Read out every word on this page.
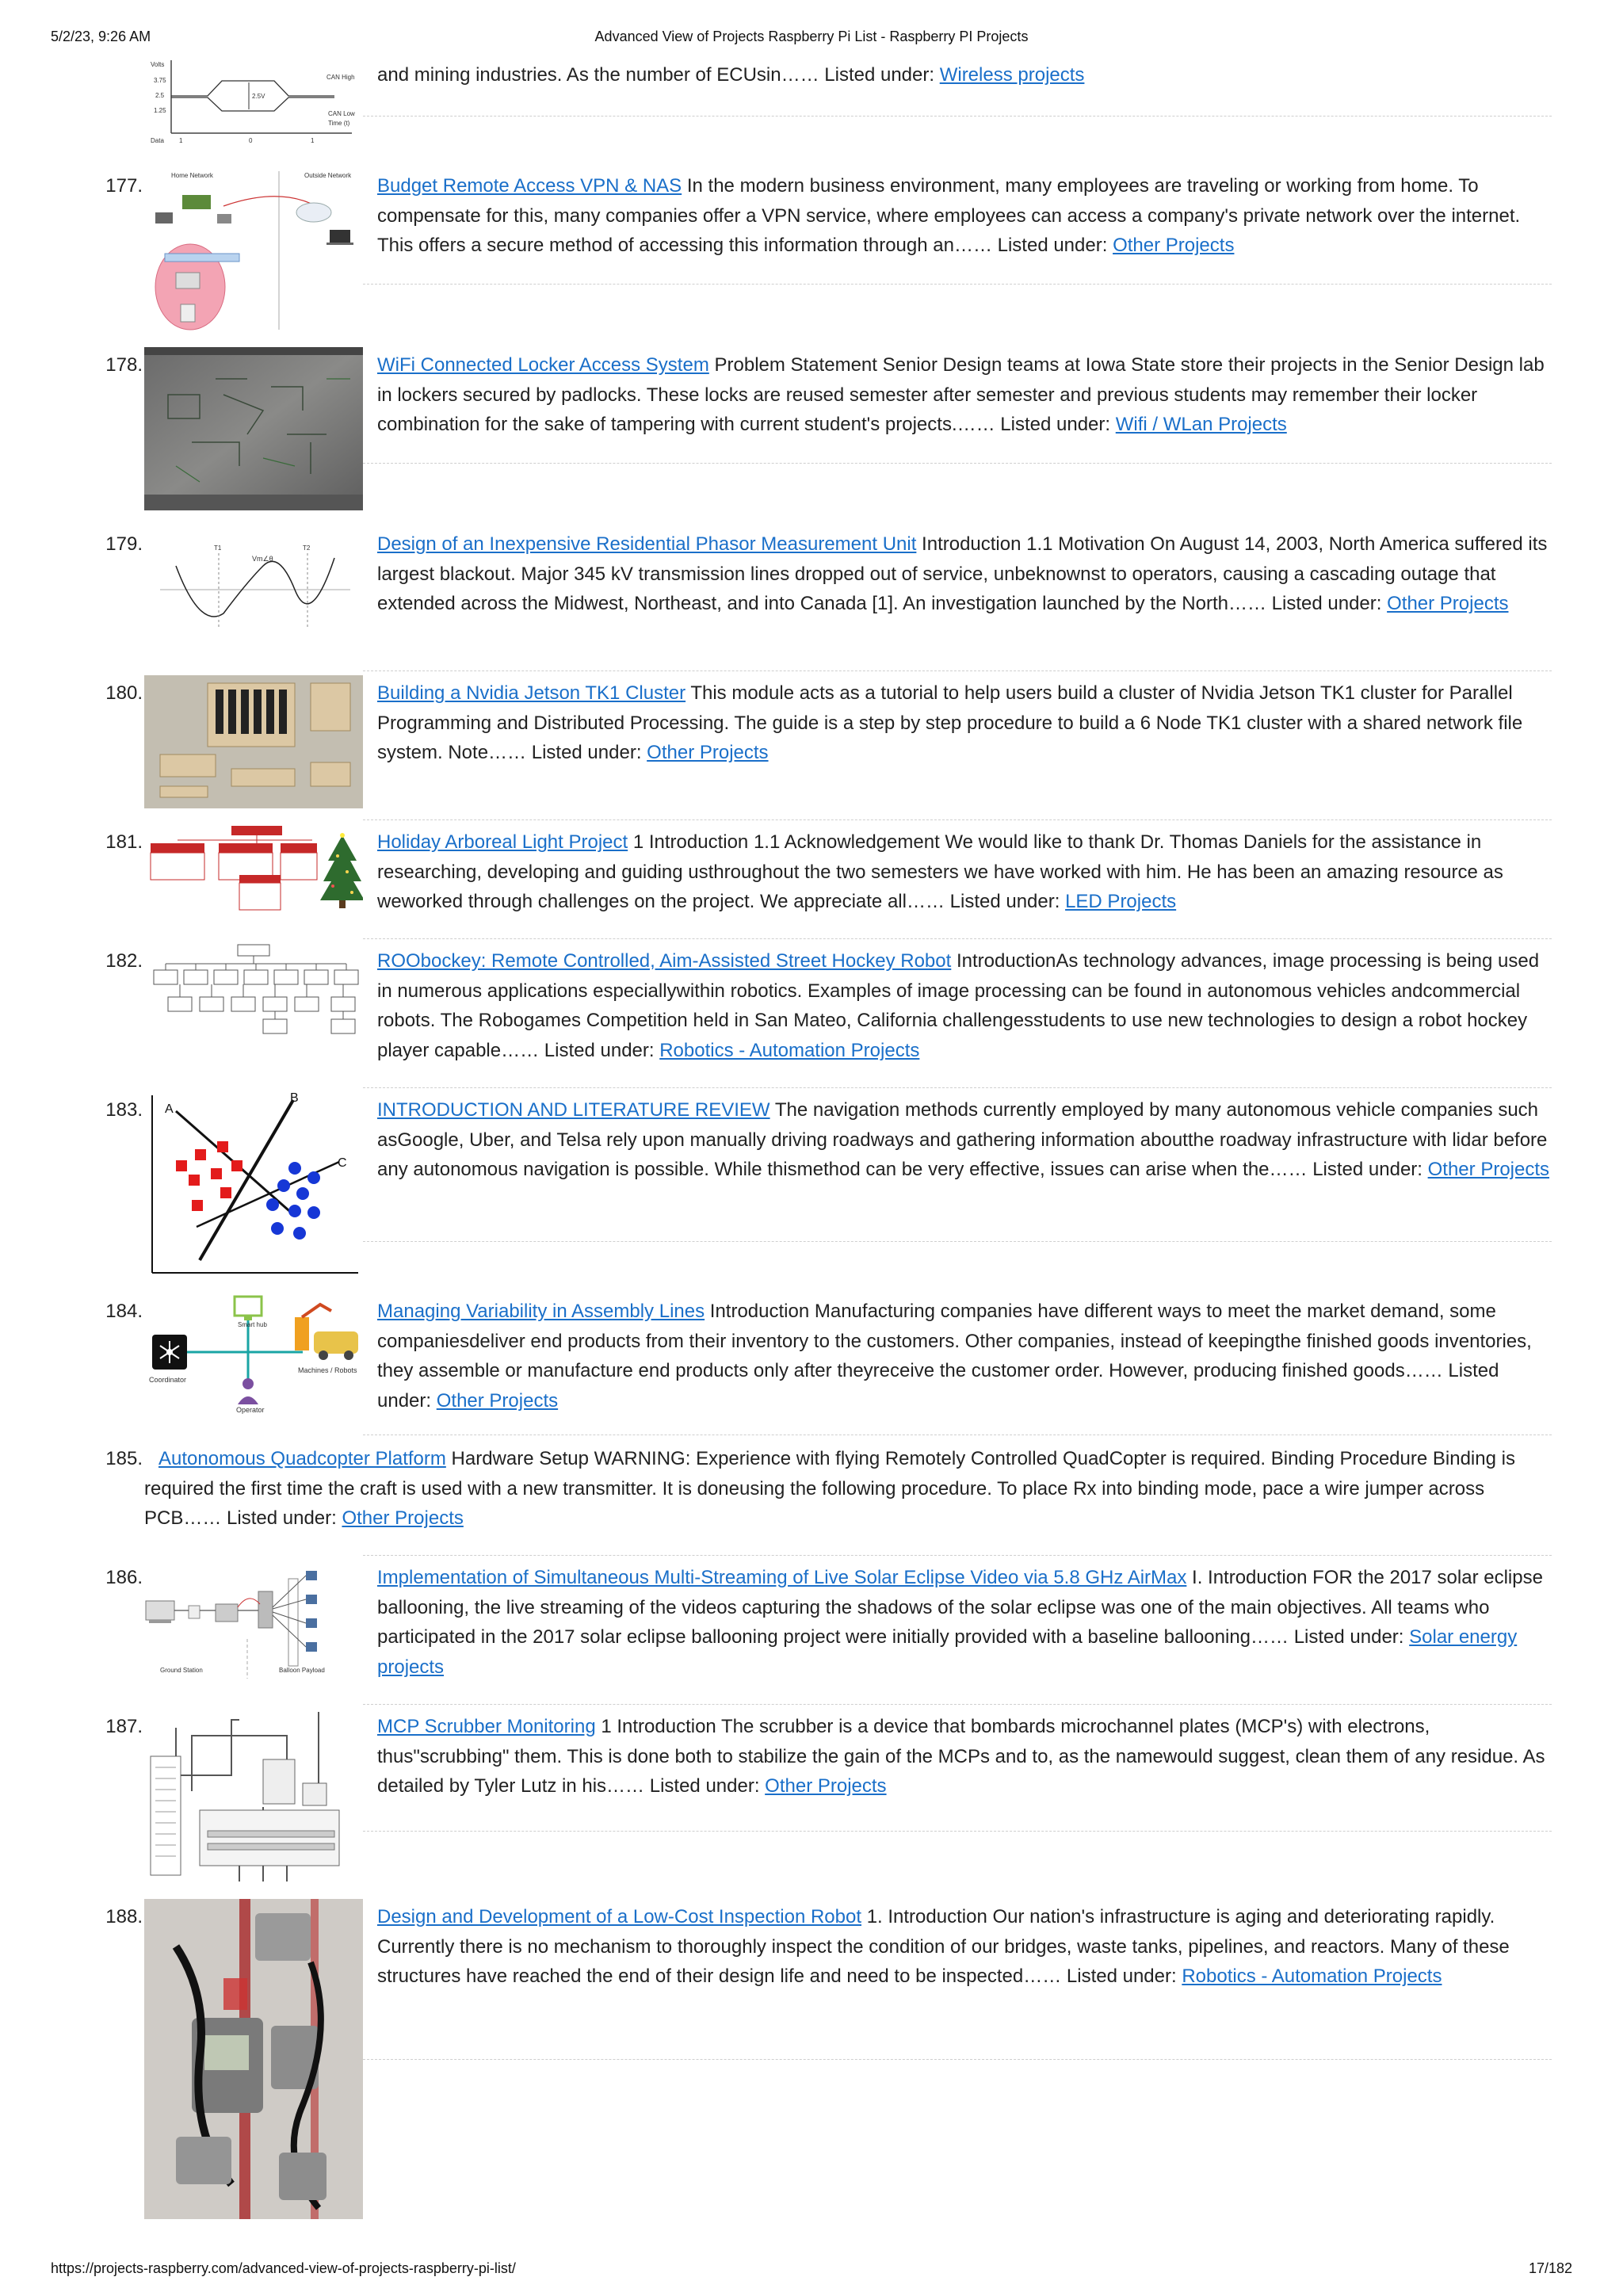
5/2/23, 9:26 AM	Advanced View of Projects Raspberry Pi List - Raspberry PI Projects
Volts
3.75
2.5
1.25
2.5V
CAN High
CAN Low
Time (t)
Data 1	0	1
and mining industries. As the number of ECUsin…… Listed under: Wireless projects
177.	Home Network	Outside Network Budget Remote Access VPN & NAS In the modern business environment, many employees are traveling or working from home. To compensate for this, many companies offer a VPN service, where employees can access a company's private network over the internet. This offers a secure method of accessing this information through an…… Listed under: Other Projects
178.	WiFi Connected Locker Access System Problem Statement Senior Design teams at Iowa State store their projects in the Senior Design lab in lockers secured by padlocks. These locks are reused semester after semester and previous students may remember their locker combination for the sake of tampering with current student's projects.…… Listed under: Wifi / WLan Projects
179.
Vm∠θ
T1	T2	Design of an Inexpensive Residential Phasor Measurement Unit Introduction 1.1 Motivation On August 14, 2003, North America suffered its largest blackout. Major 345 kV transmission lines dropped out of service, unbeknownst to operators, causing a cascading outage that extended across the Midwest, Northeast, and into Canada [1]. An investigation launched by the North…… Listed under: Other Projects
180.	Building a Nvidia Jetson TK1 Cluster This module acts as a tutorial to help users build a cluster of Nvidia Jetson TK1 cluster for Parallel Programming and Distributed Processing. The guide is a step by step procedure to build a 6 Node TK1 cluster with a shared network file system. Note…… Listed under: Other Projects
181.	Holiday Arboreal Light Project 1 Introduction 1.1 Acknowledgement We would like to thank Dr. Thomas Daniels for the assistance in researching, developing and guiding usthroughout the two semesters we have worked with him. He has been an amazing resource as weworked through challenges on the project. We appreciate all…… Listed under: LED Projects
182.	ROObockey: Remote Controlled, Aim-Assisted Street Hockey Robot IntroductionAs technology advances, image processing is being used in numerous applications especiallywithin robotics. Examples of image processing can be found in autonomous vehicles andcommercial robots. The Robogames Competition held in San Mateo, California challengesstudents to use new technologies to design a robot hockey player capable…… Listed under: Robotics - Automation Projects
183. A
B
C
INTRODUCTION AND LITERATURE REVIEW The navigation methods currently employed by many autonomous vehicle companies such asGoogle, Uber, and Telsa rely upon manually driving roadways and gathering information aboutthe roadway infrastructure with lidar before any autonomous navigation is possible. While thismethod can be very effective, issues can arise when the…… Listed under: Other Projects
184.
Coordinator
Operator
Smart hub
Machines / Robots
Managing Variability in Assembly Lines Introduction Manufacturing companies have different ways to meet the market demand, some companiesdeliver end products from their inventory to the customers. Other companies, instead of keepingthe finished goods inventories, they assemble or manufacture end products only after theyreceive the customer order. However, producing finished goods…… Listed under: Other Projects
185. Autonomous Quadcopter Platform Hardware Setup WARNING: Experience with flying Remotely Controlled QuadCopter is required. Binding Procedure Binding is required the first time the craft is used with a new transmitter. It is doneusing the following procedure. To place Rx into binding mode, pace a wire jumper across PCB…… Listed under: Other Projects
186.
Ground Station	Balloon Payload
Implementation of Simultaneous Multi-Streaming of Live Solar Eclipse Video via 5.8 GHz AirMax I. Introduction FOR the 2017 solar eclipse ballooning, the live streaming of the videos capturing the shadows of the solar eclipse was one of the main objectives. All teams who participated in the 2017 solar eclipse ballooning project were initially provided with a baseline ballooning…… Listed under: Solar energy projects
187.	MCP Scrubber Monitoring 1 Introduction The scrubber is a device that bombards microchannel plates (MCP's) with electrons, thus"scrubbing" them. This is done both to stabilize the gain of the MCPs and to, as the namewould suggest, clean them of any residue. As detailed by Tyler Lutz in his…… Listed under: Other Projects
188.	Design and Development of a Low-Cost Inspection Robot 1. Introduction Our nation's infrastructure is aging and deteriorating rapidly. Currently there is no mechanism to thoroughly inspect the condition of our bridges, waste tanks, pipelines, and reactors. Many of these structures have reached the end of their design life and need to be inspected…… Listed under: Robotics - Automation Projects
https://projects-raspberry.com/advanced-view-of-projects-raspberry-pi-list/	17/182
